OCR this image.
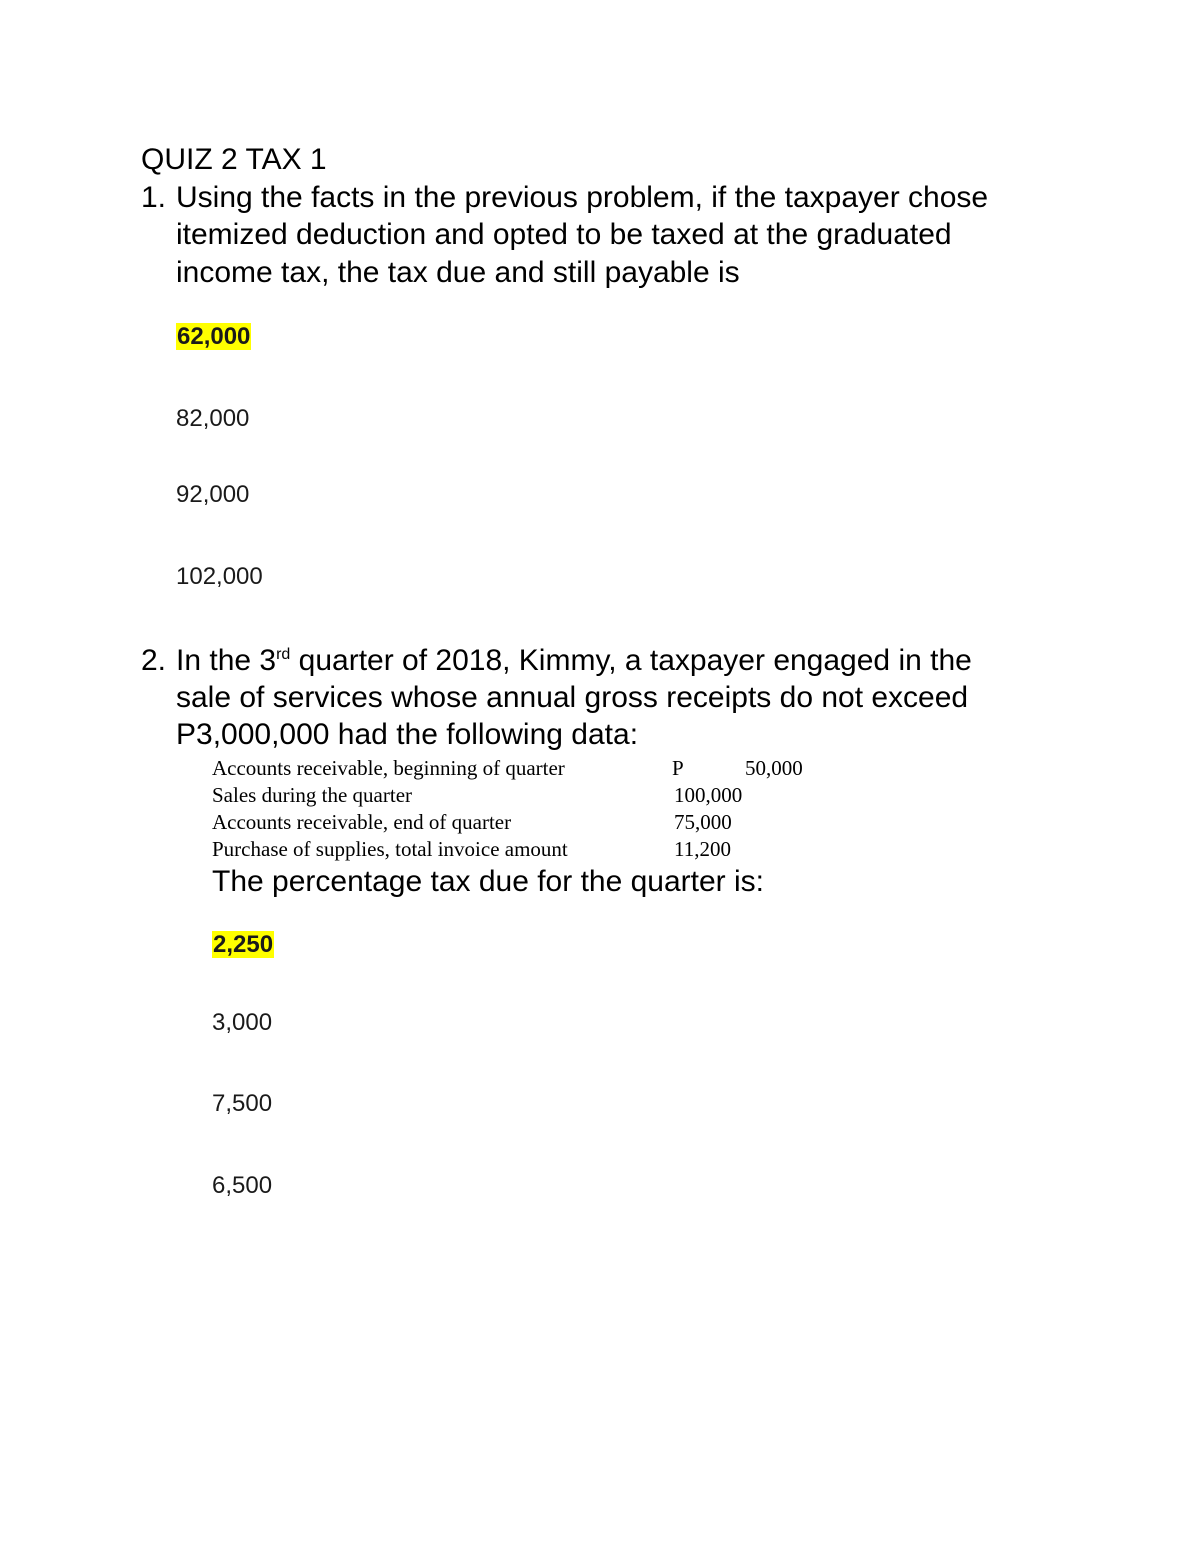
QUIZ 2 TAX 1
1. Using the facts in the previous problem, if the taxpayer chose
itemized deduction and opted to be taxed at the graduated
income tax, the tax due and still payable is
62,000
82,000
92,000
102,000
2. In the 3rd quarter of 2018, Kimmy, a taxpayer engaged in the
sale of services whose annual gross receipts do not exceed
P3,000,000 had the following data:
Accounts receivable, beginning of quarter	P	50,000
Sales during the quarter	100,000
Accounts receivable, end of quarter	75,000
Purchase of supplies, total invoice amount	11,200
The percentage tax due for the quarter is:
2,250
3,000
7,500
6,500
